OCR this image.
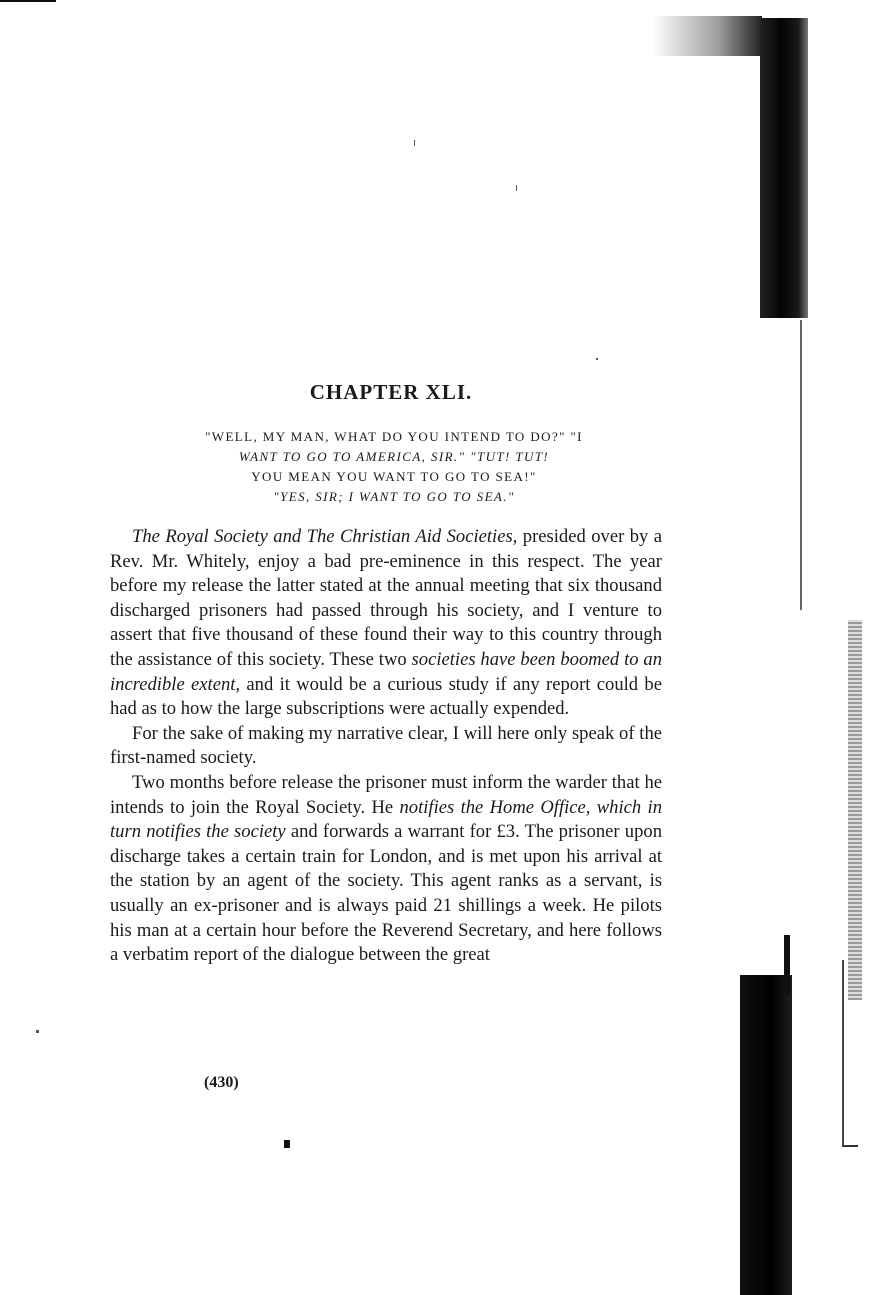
CHAPTER XLI.
"WELL, MY MAN, WHAT DO YOU INTEND TO DO?" "I
WANT TO GO TO AMERICA, SIR." "TUT! TUT!
YOU MEAN YOU WANT TO GO TO SEA!"
"YES, SIR; I WANT TO GO TO SEA."

The Royal Society and The Christian Aid Societies, presided over by a Rev. Mr. Whitely, enjoy a bad pre-eminence in this respect. The year before my release the latter stated at the annual meeting that six thousand discharged prisoners had passed through his society, and I venture to assert that five thousand of these found their way to this country through the assistance of this society. These two societies have been boomed to an incredible extent, and it would be a curious study if any report could be had as to how the large subscriptions were actually expended.

For the sake of making my narrative clear, I will here only speak of the first-named society.

Two months before release the prisoner must inform the warder that he intends to join the Royal Society. He notifies the Home Office, which in turn notifies the society and forwards a warrant for £3. The prisoner upon discharge takes a certain train for London, and is met upon his arrival at the station by an agent of the society. This agent ranks as a servant, is usually an ex-prisoner and is always paid 21 shillings a week. He pilots his man at a certain hour before the Reverend Secretary, and here follows a verbatim report of the dialogue between the great

(430)
